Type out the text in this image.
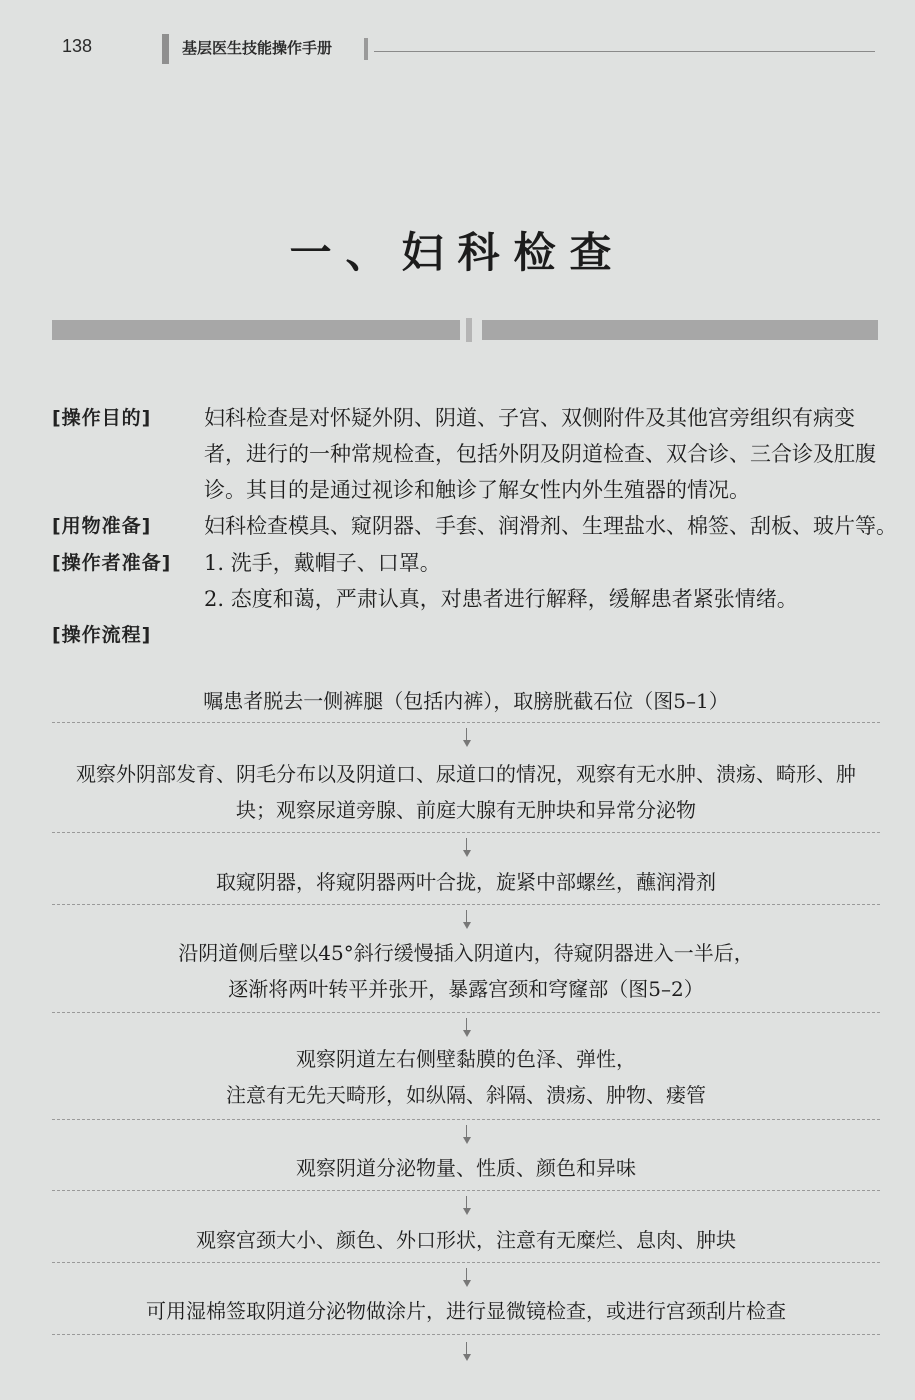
138	基层医生技能操作手册
一、妇科检查
[操作目的]	妇科检查是对怀疑外阴、阴道、子宫、双侧附件及其他宫旁组织有病变

者，进行的一种常规检查，包括外阴及阴道检查、双合诊、三合诊及肛腹

诊。其目的是通过视诊和触诊了解女性内外生殖器的情况。

[用物准备]	妇科检查模具、窥阴器、手套、润滑剂、生理盐水、棉签、刮板、玻片等。

[操作者准备]	1. 洗手，戴帽子、口罩。

2. 态度和蔼，严肃认真，对患者进行解释，缓解患者紧张情绪。

[操作流程]

嘱患者脱去一侧裤腿（包括内裤），取膀胱截石位（图5–1）

观察外阴部发育、阴毛分布以及阴道口、尿道口的情况，观察有无水肿、溃疡、畸形、肿

块；观察尿道旁腺、前庭大腺有无肿块和异常分泌物

取窥阴器，将窥阴器两叶合拢，旋紧中部螺丝，蘸润滑剂

沿阴道侧后壁以45°斜行缓慢插入阴道内，待窥阴器进入一半后，

逐渐将两叶转平并张开，暴露宫颈和穹窿部（图5–2）

观察阴道左右侧壁黏膜的色泽、弹性，

注意有无先天畸形，如纵隔、斜隔、溃疡、肿物、瘘管

观察阴道分泌物量、性质、颜色和异味

观察宫颈大小、颜色、外口形状，注意有无糜烂、息肉、肿块

可用湿棉签取阴道分泌物做涂片，进行显微镜检查，或进行宫颈刮片检查
